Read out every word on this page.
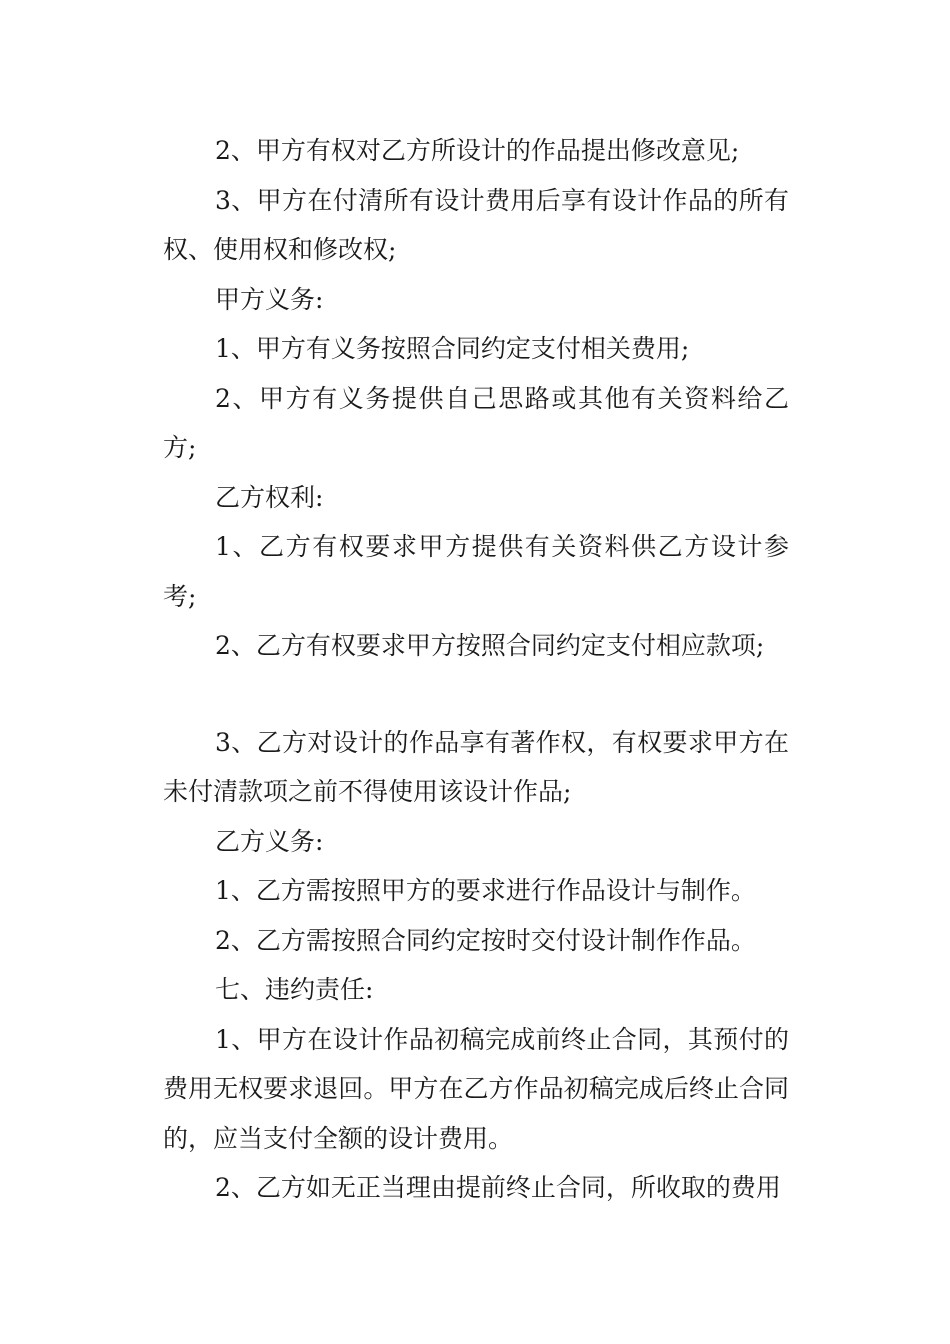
2、甲方有权对乙方所设计的作品提出修改意见;

3、甲方在付清所有设计费用后享有设计作品的所有权、使用权和修改权;

甲方义务:

1、甲方有义务按照合同约定支付相关费用;

2、甲方有义务提供自己思路或其他有关资料给乙方;

乙方权利:

1、乙方有权要求甲方提供有关资料供乙方设计参考;

2、乙方有权要求甲方按照合同约定支付相应款项;

3、乙方对设计的作品享有著作权，有权要求甲方在未付清款项之前不得使用该设计作品;

乙方义务:

1、乙方需按照甲方的要求进行作品设计与制作。

2、乙方需按照合同约定按时交付设计制作作品。

七、违约责任:

1、甲方在设计作品初稿完成前终止合同，其预付的费用无权要求退回。甲方在乙方作品初稿完成后终止合同的，应当支付全额的设计费用。

2、乙方如无正当理由提前终止合同，所收取的费用
